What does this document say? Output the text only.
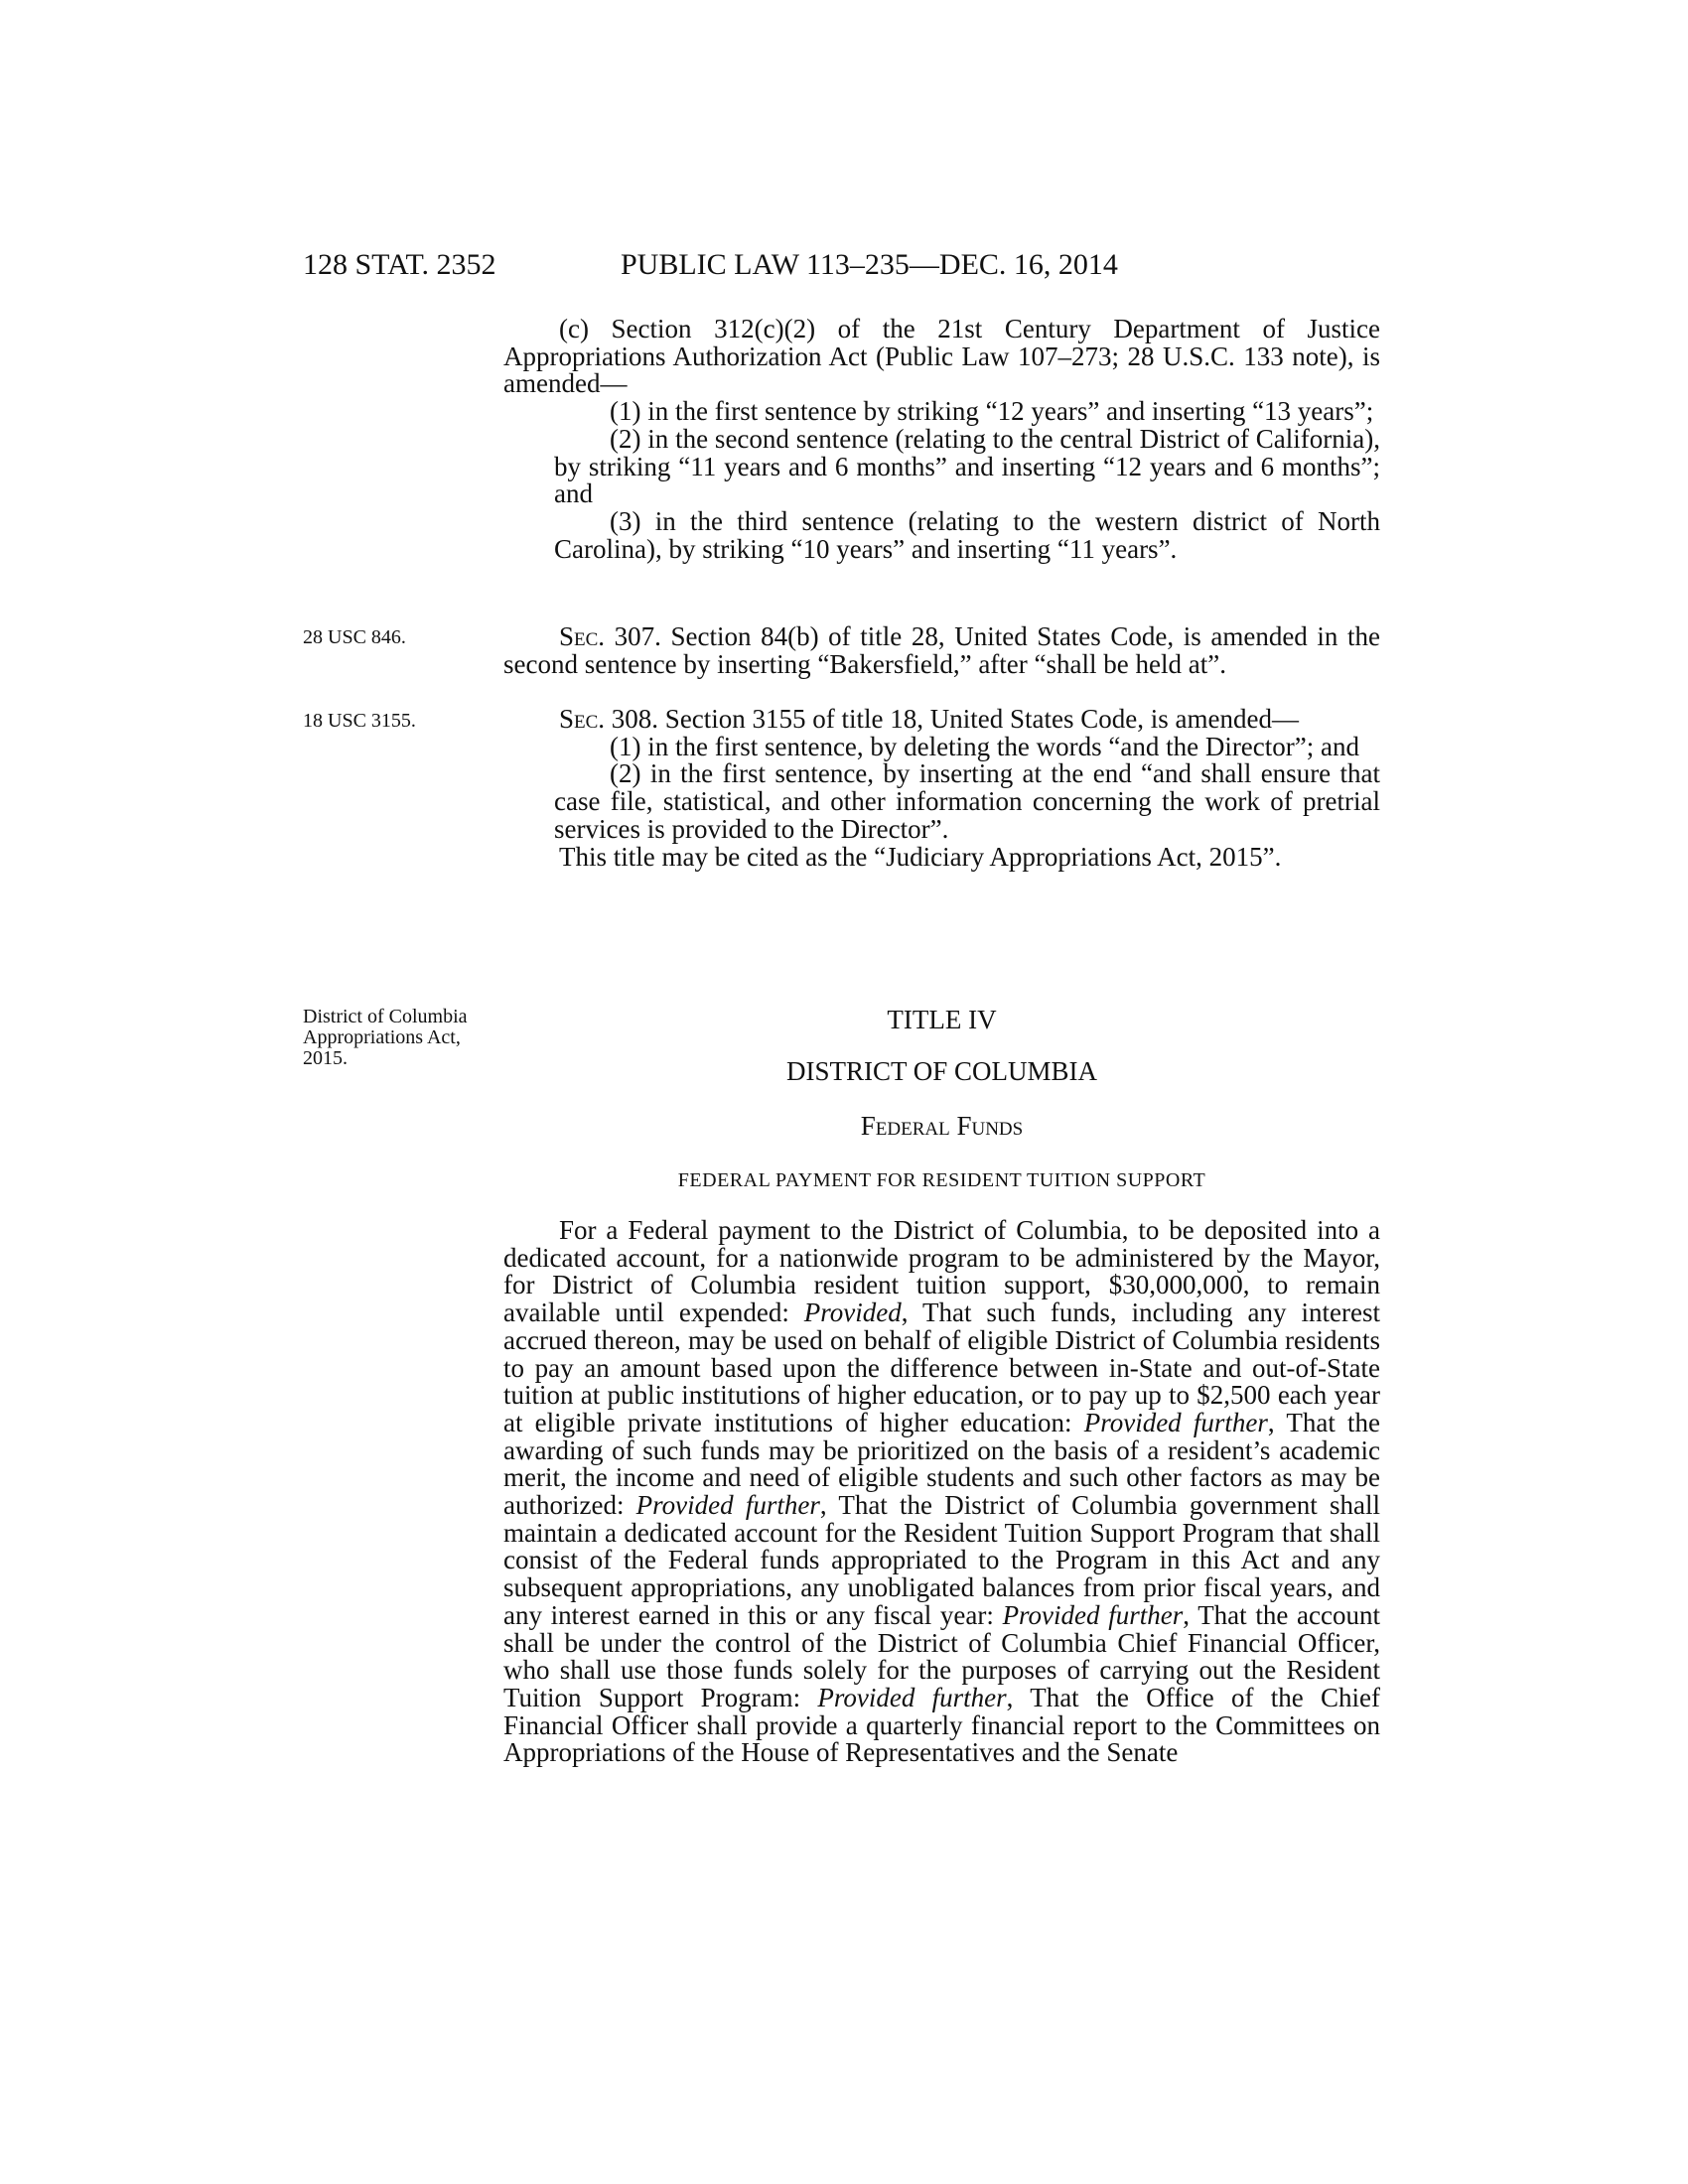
128 STAT. 2352	PUBLIC LAW 113–235—DEC. 16, 2014

(c) Section 312(c)(2) of the 21st Century Department of Justice Appropriations Authorization Act (Public Law 107–273; 28 U.S.C. 133 note), is amended—

(1) in the first sentence by striking “12 years” and inserting “13 years”;

(2) in the second sentence (relating to the central District of California), by striking “11 years and 6 months” and inserting “12 years and 6 months”; and

(3) in the third sentence (relating to the western district of North Carolina), by striking “10 years” and inserting “11 years”.

28 USC 846.	Sec. 307. Section 84(b) of title 28, United States Code, is amended in the second sentence by inserting “Bakersfield,” after “shall be held at”.

18 USC 3155.	Sec. 308. Section 3155 of title 18, United States Code, is amended—

(1) in the first sentence, by deleting the words “and the Director”; and

(2) in the first sentence, by inserting at the end “and shall ensure that case file, statistical, and other information concerning the work of pretrial services is provided to the Director”.

This title may be cited as the “Judiciary Appropriations Act, 2015”.

District of Columbia Appropriations Act, 2015.
TITLE IV
DISTRICT OF COLUMBIA
Federal Funds
FEDERAL PAYMENT FOR RESIDENT TUITION SUPPORT

For a Federal payment to the District of Columbia, to be deposited into a dedicated account, for a nationwide program to be administered by the Mayor, for District of Columbia resident tuition support, $30,000,000, to remain available until expended: Provided, That such funds, including any interest accrued thereon, may be used on behalf of eligible District of Columbia residents to pay an amount based upon the difference between in-State and out-of-State tuition at public institutions of higher education, or to pay up to $2,500 each year at eligible private institutions of higher education: Provided further, That the awarding of such funds may be prioritized on the basis of a resident’s academic merit, the income and need of eligible students and such other factors as may be authorized: Provided further, That the District of Columbia government shall maintain a dedicated account for the Resident Tuition Support Program that shall consist of the Federal funds appropriated to the Program in this Act and any subsequent appropriations, any unobligated balances from prior fiscal years, and any interest earned in this or any fiscal year: Provided further, That the account shall be under the control of the District of Columbia Chief Financial Officer, who shall use those funds solely for the purposes of carrying out the Resident Tuition Support Program: Provided further, That the Office of the Chief Financial Officer shall provide a quarterly financial report to the Committees on Appropriations of the House of Representatives and the Senate
